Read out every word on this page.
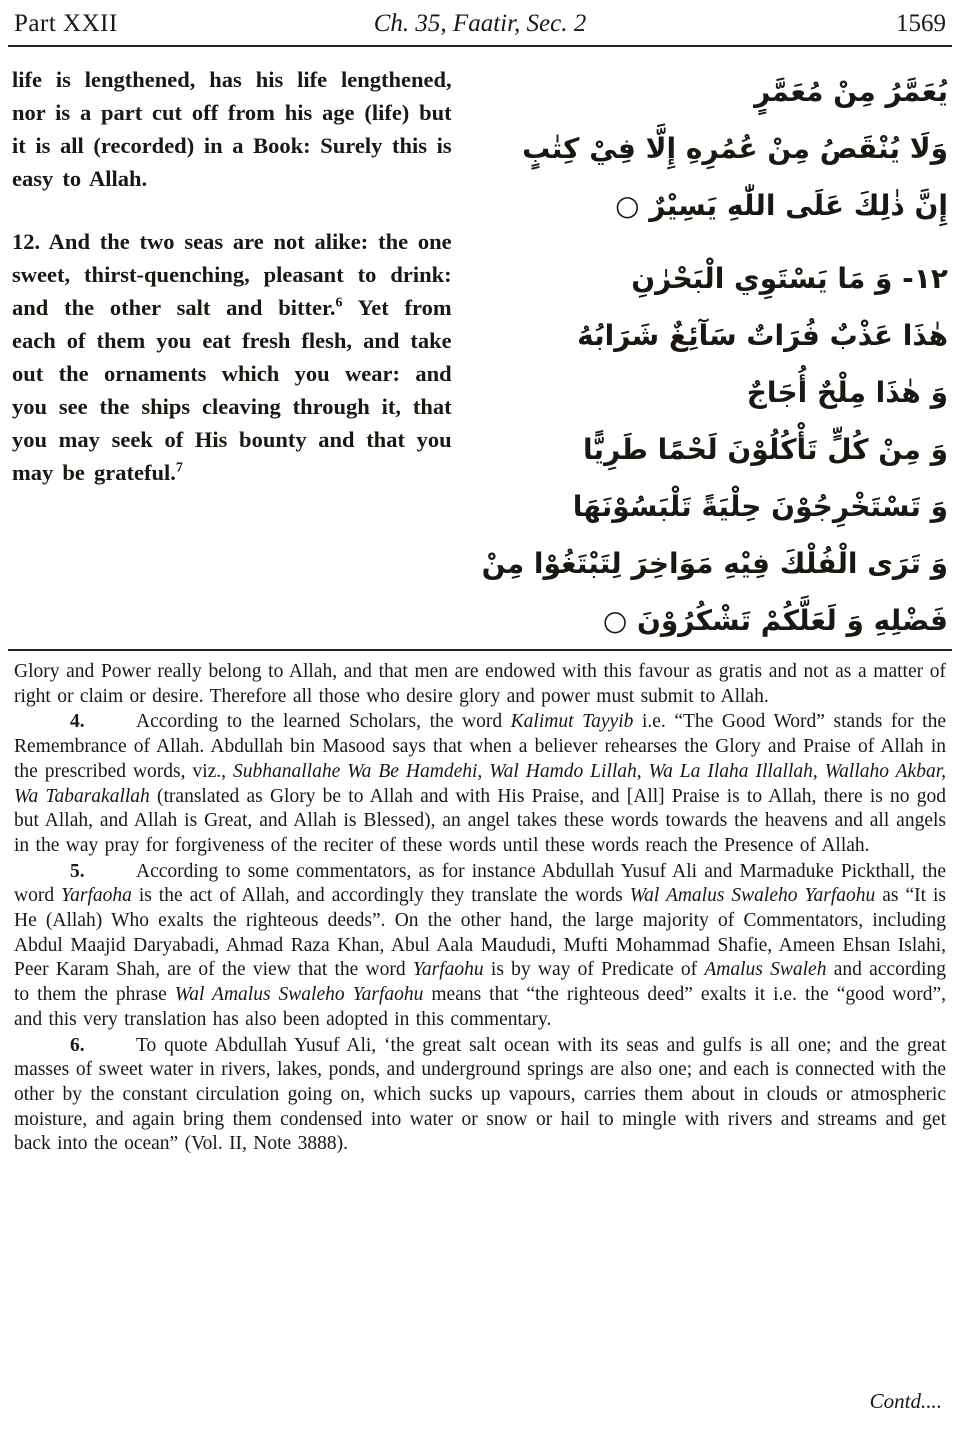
Part XXII	Ch. 35, Faatir, Sec. 2	1569

life is lengthened, has his life lengthened, nor is a part cut off from his age (life) but it is all (recorded) in a Book: Surely this is easy to Allah.

12. And the two seas are not alike: the one sweet, thirst-quenching, pleasant to drink: and the other salt and bitter.$^6$ Yet from each of them you eat fresh flesh, and take out the ornaments which you wear: and you see the ships cleaving through it, that you may seek of His bounty and that you may be grateful.$^7$

يُعَمَّرُ مِنْ مُعَمَّرٍ
وَلَا يُنْقَصُ مِنْ عُمُرِهِ إِلَّا فِيْ كِتٰبٍ
إِنَّ ذٰلِكَ عَلَى اللّٰهِ يَسِيْرٌ ○
١٢- وَ مَا يَسْتَوِي الْبَحْرٰنِ
هٰذَا عَذْبٌ فُرَاتٌ سَآئِغٌ شَرَابُهُ
وَ هٰذَا مِلْحٌ أُجَاجٌ
وَ مِنْ كُلٍّ تَأْكُلُوْنَ لَحْمًا طَرِيًّا
وَ تَسْتَخْرِجُوْنَ حِلْيَةً تَلْبَسُوْنَهَا
وَ تَرَى الْفُلْكَ فِيْهِ مَوَاخِرَ لِتَبْتَغُوْا مِنْ
فَضْلِهِ وَ لَعَلَّكُمْ تَشْكُرُوْنَ ○

Glory and Power really belong to Allah, and that men are endowed with this favour as gratis and not as a matter of right or claim or desire. Therefore all those who desire glory and power must submit to Allah.

4.	According to the learned Scholars, the word Kalimut Tayyib i.e. “The Good Word” stands for the Remembrance of Allah. Abdullah bin Masood says that when a believer rehearses the Glory and Praise of Allah in the prescribed words, viz., Subhanallahe Wa Be Hamdehi, Wal Hamdo Lillah, Wa La Ilaha Illallah, Wallaho Akbar, Wa Tabarakallah (translated as Glory be to Allah and with His Praise, and [All] Praise is to Allah, there is no god but Allah, and Allah is Great, and Allah is Blessed), an angel takes these words towards the heavens and all angels in the way pray for forgiveness of the reciter of these words until these words reach the Presence of Allah.

5.	According to some commentators, as for instance Abdullah Yusuf Ali and Marmaduke Pickthall, the word Yarfaoha is the act of Allah, and accordingly they translate the words Wal Amalus Swaleho Yarfaohu as “It is He (Allah) Who exalts the righteous deeds”. On the other hand, the large majority of Commentators, including Abdul Maajid Daryabadi, Ahmad Raza Khan, Abul Aala Maududi, Mufti Mohammad Shafie, Ameen Ehsan Islahi, Peer Karam Shah, are of the view that the word Yarfaohu is by way of Predicate of Amalus Swaleh and according to them the phrase Wal Amalus Swaleho Yarfaohu means that “the righteous deed” exalts it i.e. the “good word”, and this very translation has also been adopted in this commentary.

6.	To quote Abdullah Yusuf Ali, ‘the great salt ocean with its seas and gulfs is all one; and the great masses of sweet water in rivers, lakes, ponds, and underground springs are also one; and each is connected with the other by the constant circulation going on, which sucks up vapours, carries them about in clouds or atmospheric moisture, and again bring them condensed into water or snow or hail to mingle with rivers and streams and get back into the ocean” (Vol. II, Note 3888).

Contd....
